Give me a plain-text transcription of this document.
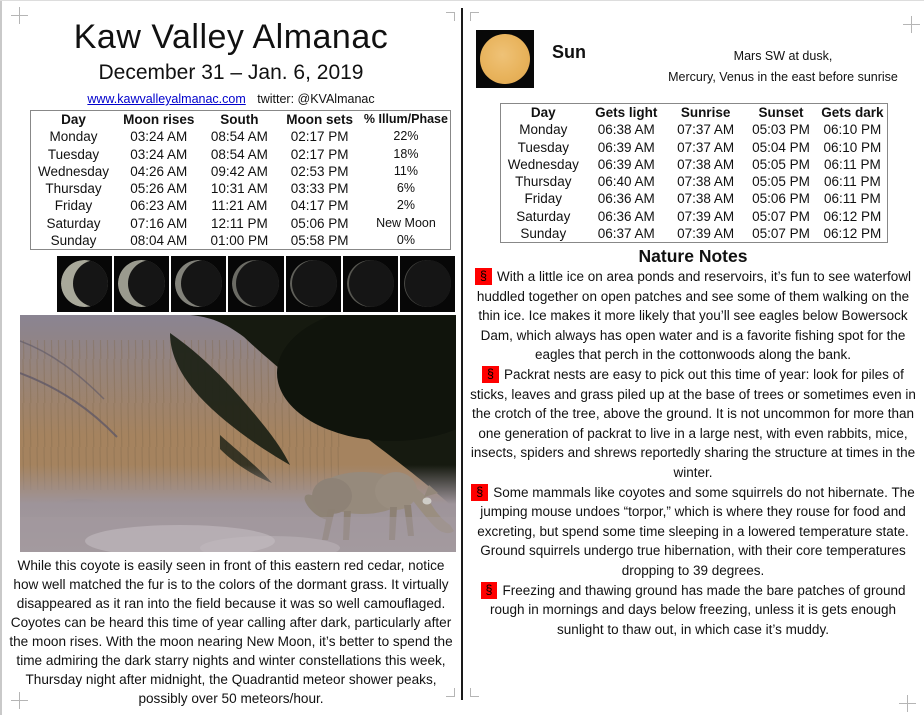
Kaw Valley Almanac
December 31 – Jan. 6, 2019
www.kawvalleyalmanac.com twitter: @KVAlmanac
Day	Moon rises	South	Moon sets	% Illum/Phase
Monday	03:24 AM	08:54 AM	02:17 PM	22%
Tuesday	03:24 AM	08:54 AM	02:17 PM	18%
Wednesday	04:26 AM	09:42 AM	02:53 PM	11%
Thursday	05:26 AM	10:31 AM	03:33 PM	6%
Friday	06:23 AM	11:21 AM	04:17 PM	2%
Saturday	07:16 AM	12:11 PM	05:06 PM	New Moon
Sunday	08:04 AM	01:00 PM	05:58 PM	0%
While this coyote is easily seen in front of this eastern red cedar, notice how well matched the fur is to the colors of the dormant grass. It virtually disappeared as it ran into the field because it was so well camouflaged. Coyotes can be heard this time of year calling after dark, particularly after the moon rises. With the moon nearing New Moon, it’s better to spend the time admiring the dark starry nights and winter constellations this week, Thursday night after midnight, the Quadrantid meteor shower peaks, possibly over 50 meteors/hour.
Sun	Mars SW at dusk,
Mercury, Venus in the east before sunrise
Day	Gets light	Sunrise	Sunset	Gets dark
Monday	06:38 AM	07:37 AM	05:03 PM	06:10 PM
Tuesday	06:39 AM	07:37 AM	05:04 PM	06:10 PM
Wednesday	06:39 AM	07:38 AM	05:05 PM	06:11 PM
Thursday	06:40 AM	07:38 AM	05:05 PM	06:11 PM
Friday	06:36 AM	07:38 AM	05:06 PM	06:11 PM
Saturday	06:36 AM	07:39 AM	05:07 PM	06:12 PM
Sunday	06:37 AM	07:39 AM	05:07 PM	06:12 PM
Nature Notes

§ With a little ice on area ponds and reservoirs, it’s fun to see waterfowl huddled together on open patches and see some of them walking on the thin ice. Ice makes it more likely that you’ll see eagles below Bowersock Dam, which always has open water and is a favorite fishing spot for the eagles that perch in the cottonwoods along the bank.

§ Packrat nests are easy to pick out this time of year: look for piles of sticks, leaves and grass piled up at the base of trees or sometimes even in the crotch of the tree, above the ground. It is not uncommon for more than one generation of packrat to live in a large nest, with even rabbits, mice, insects, spiders and shrews reportedly sharing the structure at times in the winter.

§ Some mammals like coyotes and some squirrels do not hibernate. The jumping mouse undoes “torpor,” which is where they rouse for food and excreting, but spend some time sleeping in a lowered temperature state. Ground squirrels undergo true hibernation, with their core temperatures dropping to 39 degrees.

§ Freezing and thawing ground has made the bare patches of ground rough in mornings and days below freezing, unless it is gets enough sunlight to thaw out, in which case it’s muddy.
